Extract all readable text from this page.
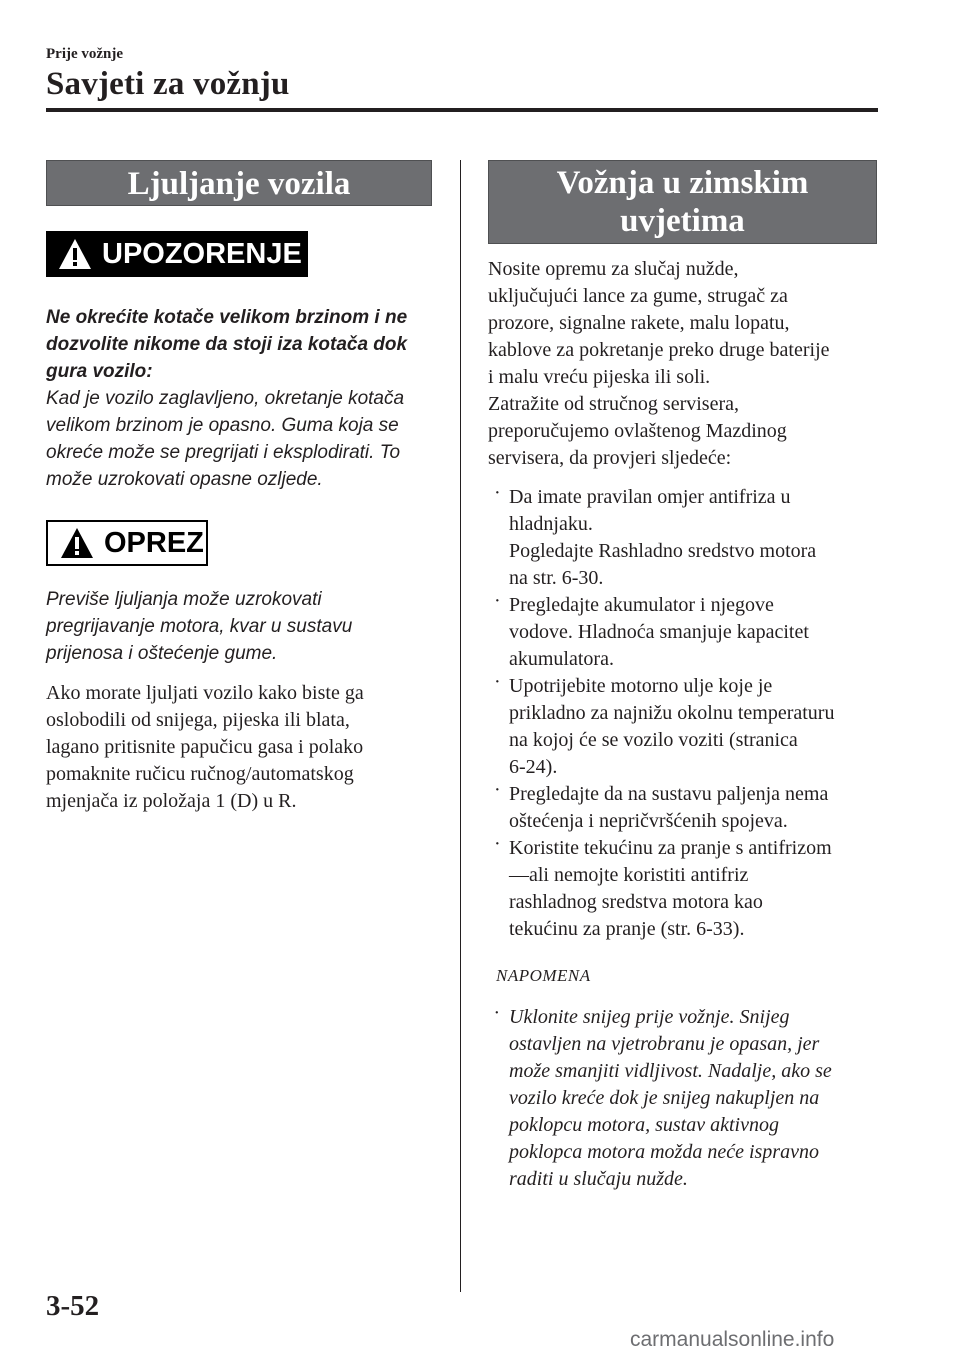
Prije vožnje
Savjeti za vožnju
Ljuljanje vozila
UPOZORENJE
Ne okrećite kotače velikom brzinom i ne
dozvolite nikome da stoji iza kotača dok
gura vozilo:
Kad je vozilo zaglavljeno, okretanje kotača
velikom brzinom je opasno. Guma koja se
okreće može se pregrijati i eksplodirati. To
može uzrokovati opasne ozljede.
OPREZ
Previše ljuljanja može uzrokovati
pregrijavanje motora, kvar u sustavu
prijenosa i oštećenje gume.
Ako morate ljuljati vozilo kako biste ga
oslobodili od snijega, pijeska ili blata,
lagano pritisnite papučicu gasa i polako
pomaknite ručicu ručnog/automatskog
mjenjača iz položaja 1 (D) u R.
Vožnja u zimskim
uvjetima
Nosite opremu za slučaj nužde,
uključujući lance za gume, strugač za
prozore, signalne rakete, malu lopatu,
kablove za pokretanje preko druge baterije
i malu vreću pijeska ili soli.
Zatražite od stručnog servisera,
preporučujemo ovlaštenog Mazdinog
servisera, da provjeri sljedeće:
· Da imate pravilan omjer antifriza u
hladnjaku.
Pogledajte Rashladno sredstvo motora
na str. 6-30.
· Pregledajte akumulator i njegove
vodove. Hladnoća smanjuje kapacitet
akumulatora.
· Upotrijebite motorno ulje koje je
prikladno za najnižu okolnu temperaturu
na kojoj će se vozilo voziti (stranica
6-24).
· Pregledajte da na sustavu paljenja nema
oštećenja i nepričvršćenih spojeva.
· Koristite tekućinu za pranje s antifrizom
—ali nemojte koristiti antifriz
rashladnog sredstva motora kao
tekućinu za pranje (str. 6-33).
NAPOMENA
· Uklonite snijeg prije vožnje. Snijeg
ostavljen na vjetrobranu je opasan, jer
može smanjiti vidljivost. Nadalje, ako se
vozilo kreće dok je snijeg nakupljen na
poklopcu motora, sustav aktivnog
poklopca motora možda neće ispravno
raditi u slučaju nužde.
3-52
carmanualsonline.info
